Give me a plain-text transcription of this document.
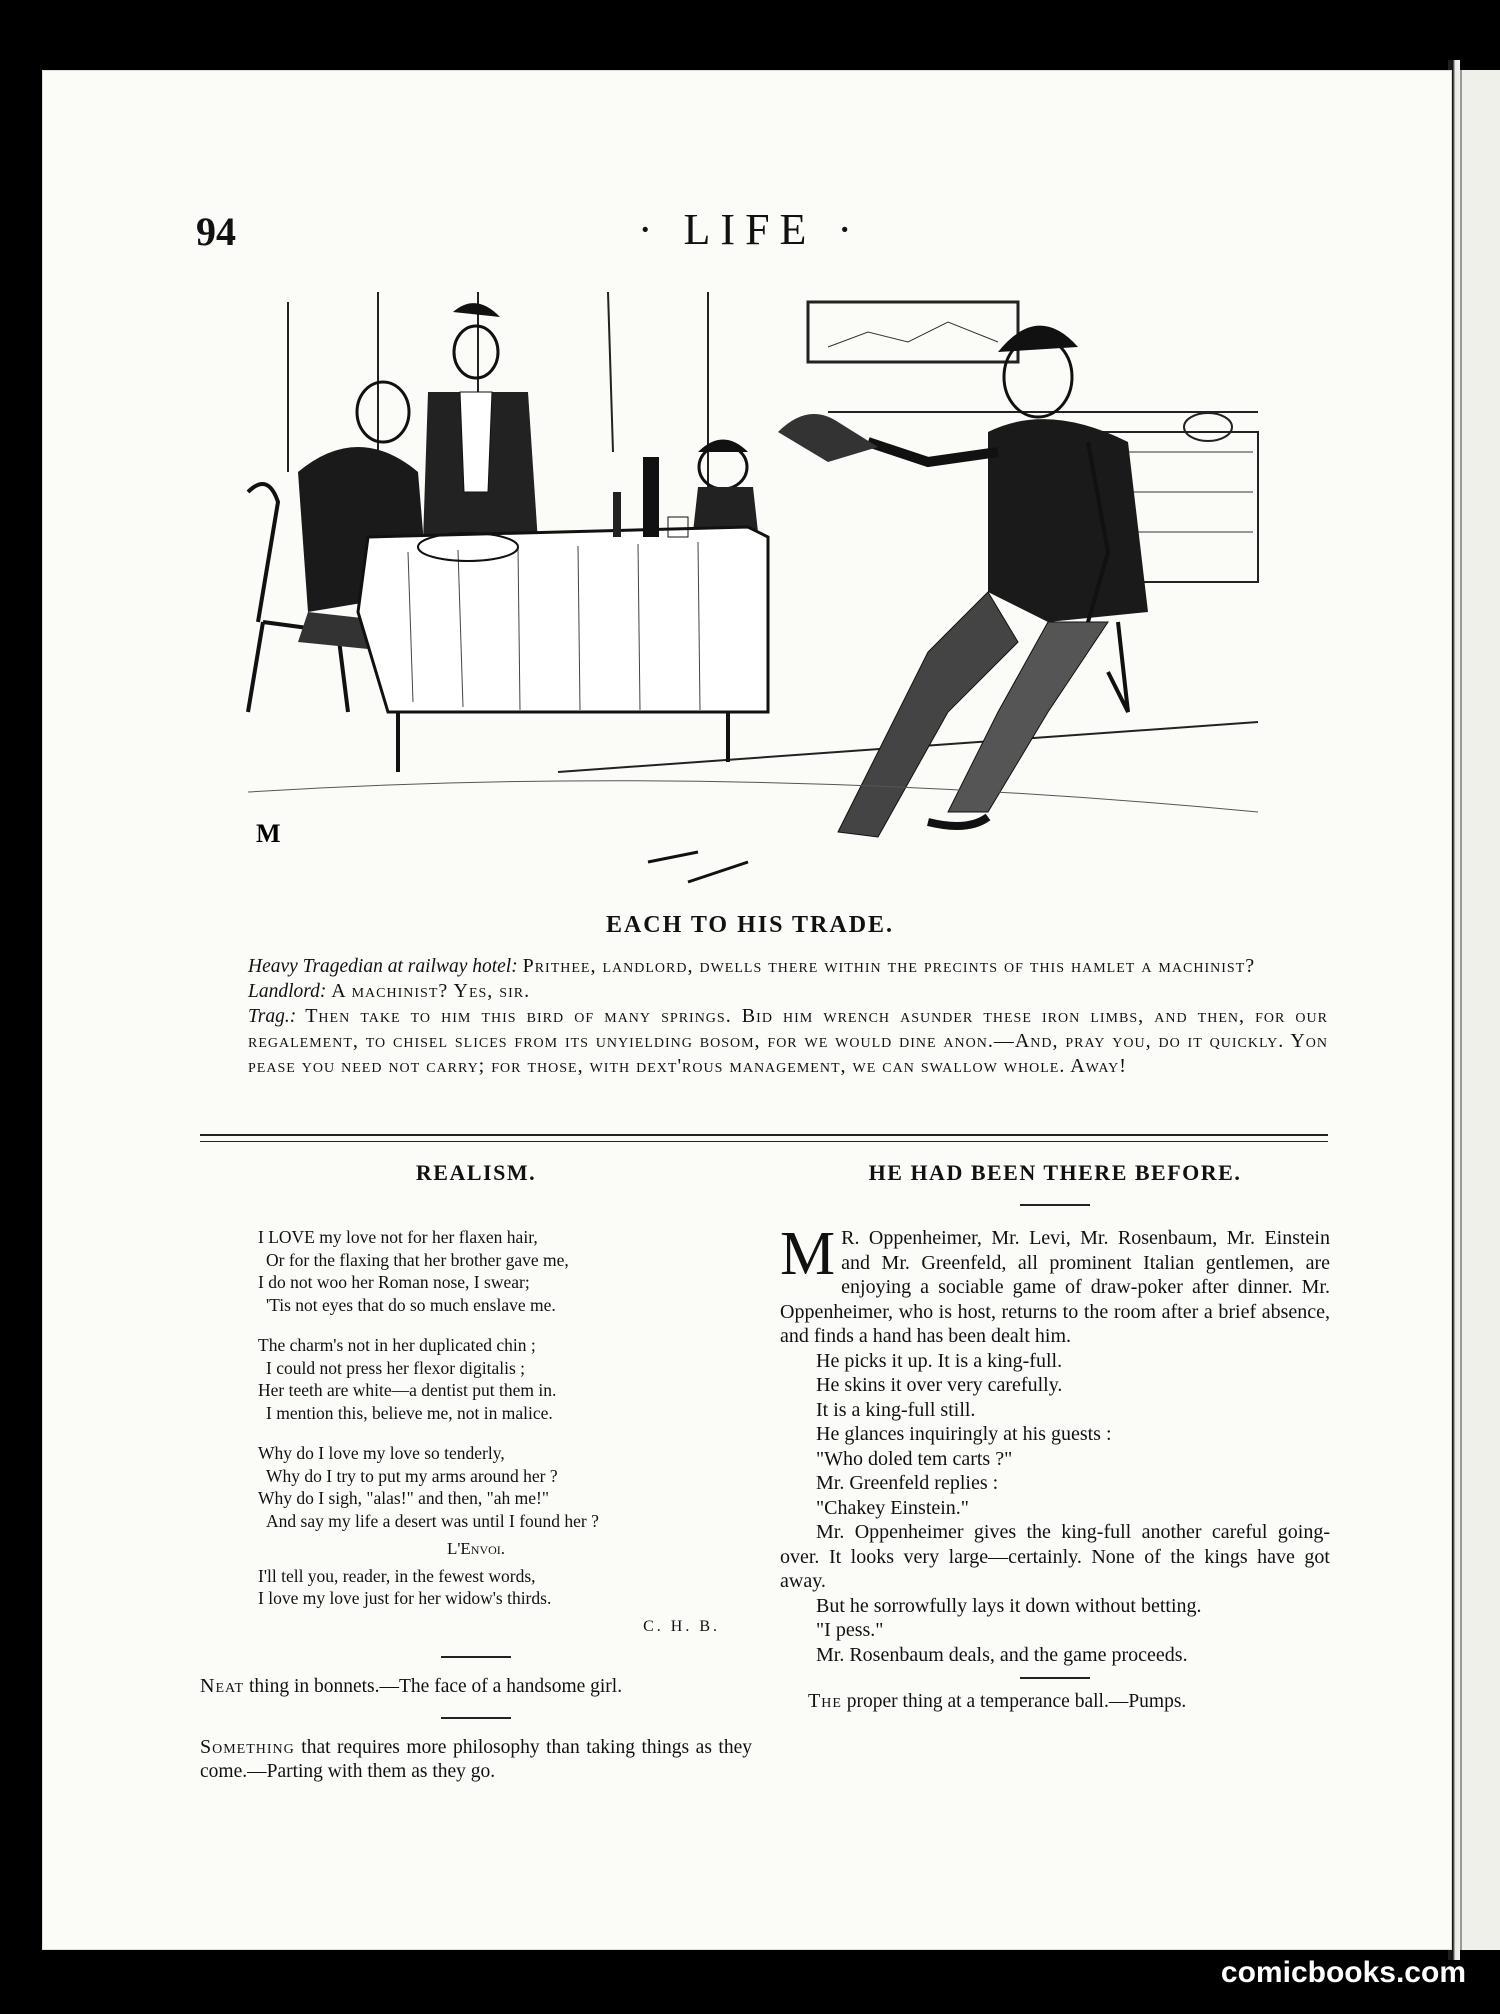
94	· LIFE ·
M
EACH TO HIS TRADE.

Heavy Tragedian at railway hotel: Prithee, landlord, dwells there within the precints of this hamlet a machinist?

Landlord: A machinist? Yes, sir.

Trag.: Then take to him this bird of many springs. Bid him wrench asunder these iron limbs, and then, for our regalement, to chisel slices from its unyielding bosom, for we would dine anon.—And, pray you, do it quickly. Yon pease you need not carry; for those, with dext'rous management, we can swallow whole. Away!

REALISM.
I LOVE my love not for her flaxen hair,
Or for the flaxing that her brother gave me,
I do not woo her Roman nose, I swear;
'Tis not eyes that do so much enslave me.
The charm's not in her duplicated chin ;
I could not press her flexor digitalis ;
Her teeth are white—a dentist put them in.
I mention this, believe me, not in malice.
Why do I love my love so tenderly,
Why do I try to put my arms around her ?
Why do I sigh, "alas!" and then, "ah me!"
And say my life a desert was until I found her ?
L'Envoi.
I'll tell you, reader, in the fewest words,
I love my love just for her widow's thirds.
C. H. B.

Neat thing in bonnets.—The face of a handsome girl.

Something that requires more philosophy than taking things as they come.—Parting with them as they go.

HE HAD BEEN THERE BEFORE.

M R. Oppenheimer, Mr. Levi, Mr. Rosenbaum, Mr. Einstein and Mr. Greenfeld, all prominent Italian gentlemen, are enjoying a sociable game of draw-poker after dinner. Mr. Oppenheimer, who is host, returns to the room after a brief absence, and finds a hand has been dealt him.

He picks it up. It is a king-full.

He skins it over very carefully.

It is a king-full still.

He glances inquiringly at his guests :

"Who doled tem carts ?"

Mr. Greenfeld replies :

"Chakey Einstein."

Mr. Oppenheimer gives the king-full another careful going-over. It looks very large—certainly. None of the kings have got away.

But he sorrowfully lays it down without betting.

"I pess."

Mr. Rosenbaum deals, and the game proceeds.

The proper thing at a temperance ball.—Pumps.

comicbooks.com
